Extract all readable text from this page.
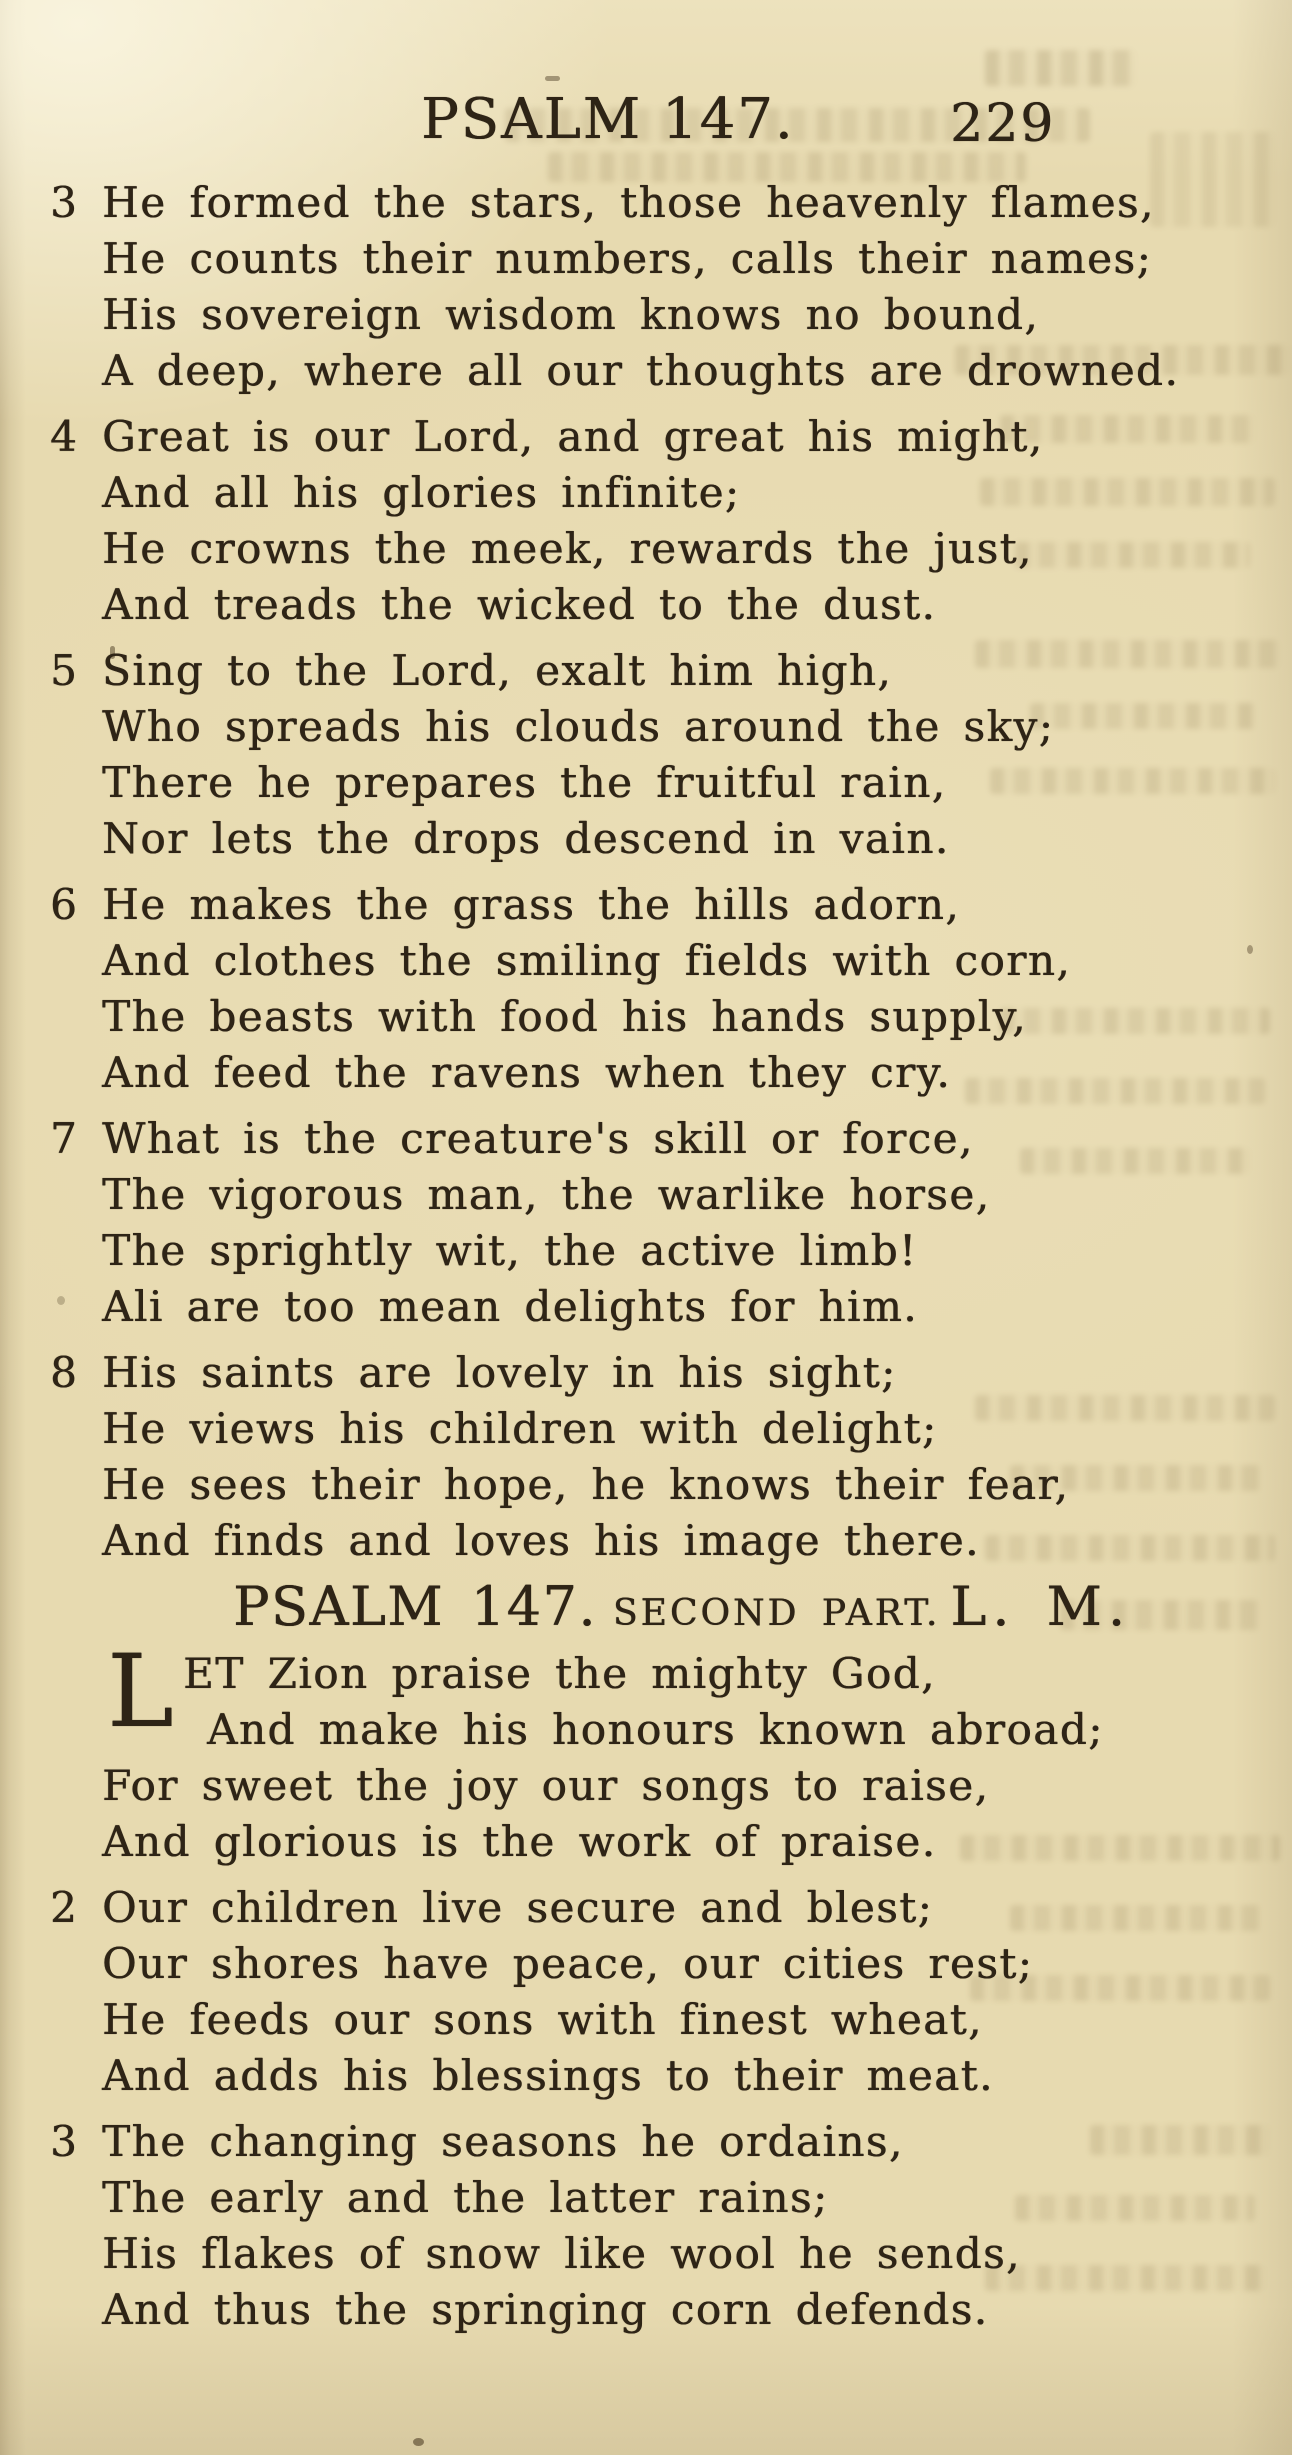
PSALM 147.	229
3 He formed the stars, those heavenly flames,
He counts their numbers, calls their names;
His sovereign wisdom knows no bound,
A deep, where all our thoughts are drowned.
4 Great is our Lord, and great his might,
And all his glories infinite;
He crowns the meek, rewards the just,
And treads the wicked to the dust.
5 Sing to the Lord, exalt him high,
Who spreads his clouds around the sky;
There he prepares the fruitful rain,
Nor lets the drops descend in vain.
6 He makes the grass the hills adorn,
And clothes the smiling fields with corn,
The beasts with food his hands supply,
And feed the ravens when they cry.
7 What is the creature's skill or force,
The vigorous man, the warlike horse,
The sprightly wit, the active limb!
Ali are too mean delights for him.
8 His saints are lovely in his sight;
He views his children with delight;
He sees their hope, he knows their fear,
And finds and loves his image there.
PSALM 147. SECOND PART. L. M.
L ET Zion praise the mighty God,
And make his honours known abroad;
For sweet the joy our songs to raise,
And glorious is the work of praise.
2 Our children live secure and blest;
Our shores have peace, our cities rest;
He feeds our sons with finest wheat,
And adds his blessings to their meat.
3 The changing seasons he ordains,
The early and the latter rains;
His flakes of snow like wool he sends,
And thus the springing corn defends.
